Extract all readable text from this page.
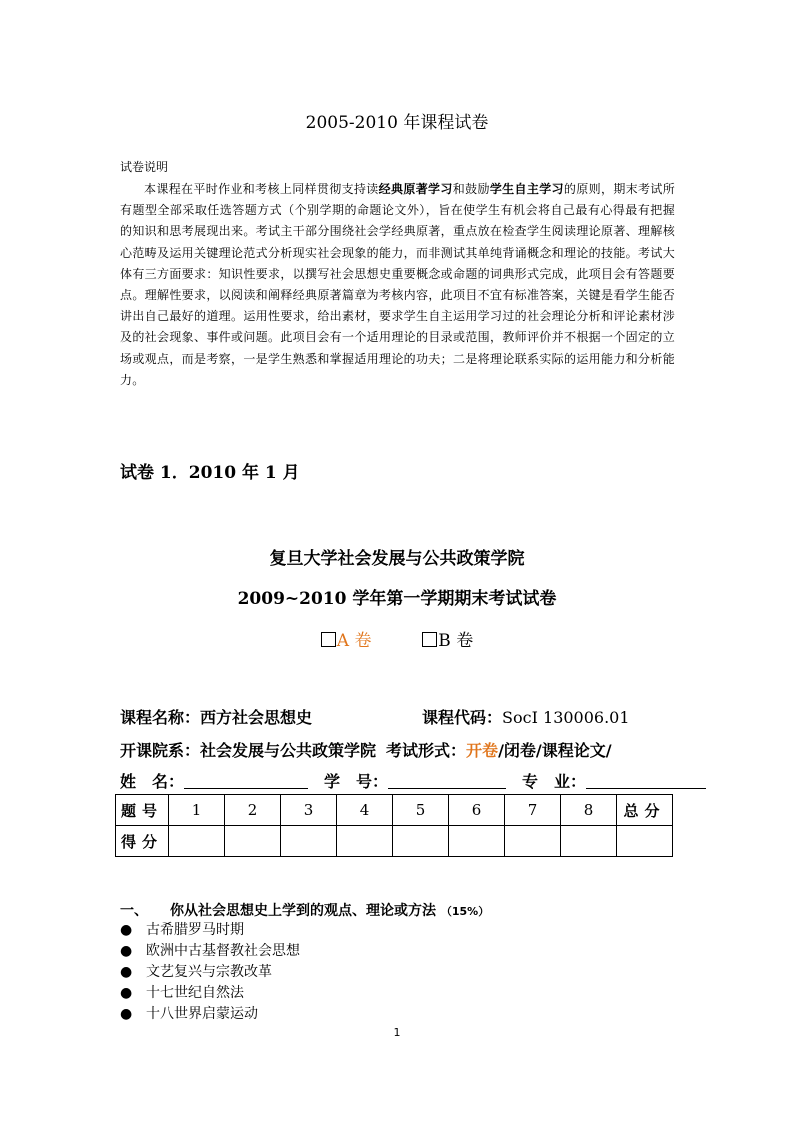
2005-2010 年课程试卷
试卷说明
本课程在平时作业和考核上同样贯彻支持读经典原著学习和鼓励学生自主学习的原则，期末考试所有题型全部采取任选答题方式（个别学期的命题论文外），旨在使学生有机会将自己最有心得最有把握的知识和思考展现出来。考试主干部分围绕社会学经典原著，重点放在检查学生阅读理论原著、理解核心范畴及运用关键理论范式分析现实社会现象的能力，而非测试其单纯背诵概念和理论的技能。考试大体有三方面要求：知识性要求，以撰写社会思想史重要概念或命题的词典形式完成，此项目会有答题要点。理解性要求，以阅读和阐释经典原著篇章为考核内容，此项目不宜有标准答案，关键是看学生能否讲出自己最好的道理。运用性要求，给出素材，要求学生自主运用学习过的社会理论分析和评论素材涉及的社会现象、事件或问题。此项目会有一个适用理论的目录或范围，教师评价并不根据一个固定的立场或观点，而是考察，一是学生熟悉和掌握适用理论的功夫；二是将理论联系实际的运用能力和分析能力。
试卷 1．2010 年 1 月
复旦大学社会发展与公共政策学院
2009~2010 学年第一学期期末考试试卷
A 卷	B 卷
课程名称：西方社会思想史	课程代码：SocI 130006.01
开课院系：社会发展与公共政策学院 考试形式：开卷/闭卷/课程论文/
姓　名：	学　号：	专　业：
题号	1	2	3	4	5	6	7	8	总分
得分									
一、 你从社会思想史上学到的观点、理论或方法 （15%）
● 古希腊罗马时期
● 欧洲中古基督教社会思想
● 文艺复兴与宗教改革
● 十七世纪自然法
● 十八世界启蒙运动
1
